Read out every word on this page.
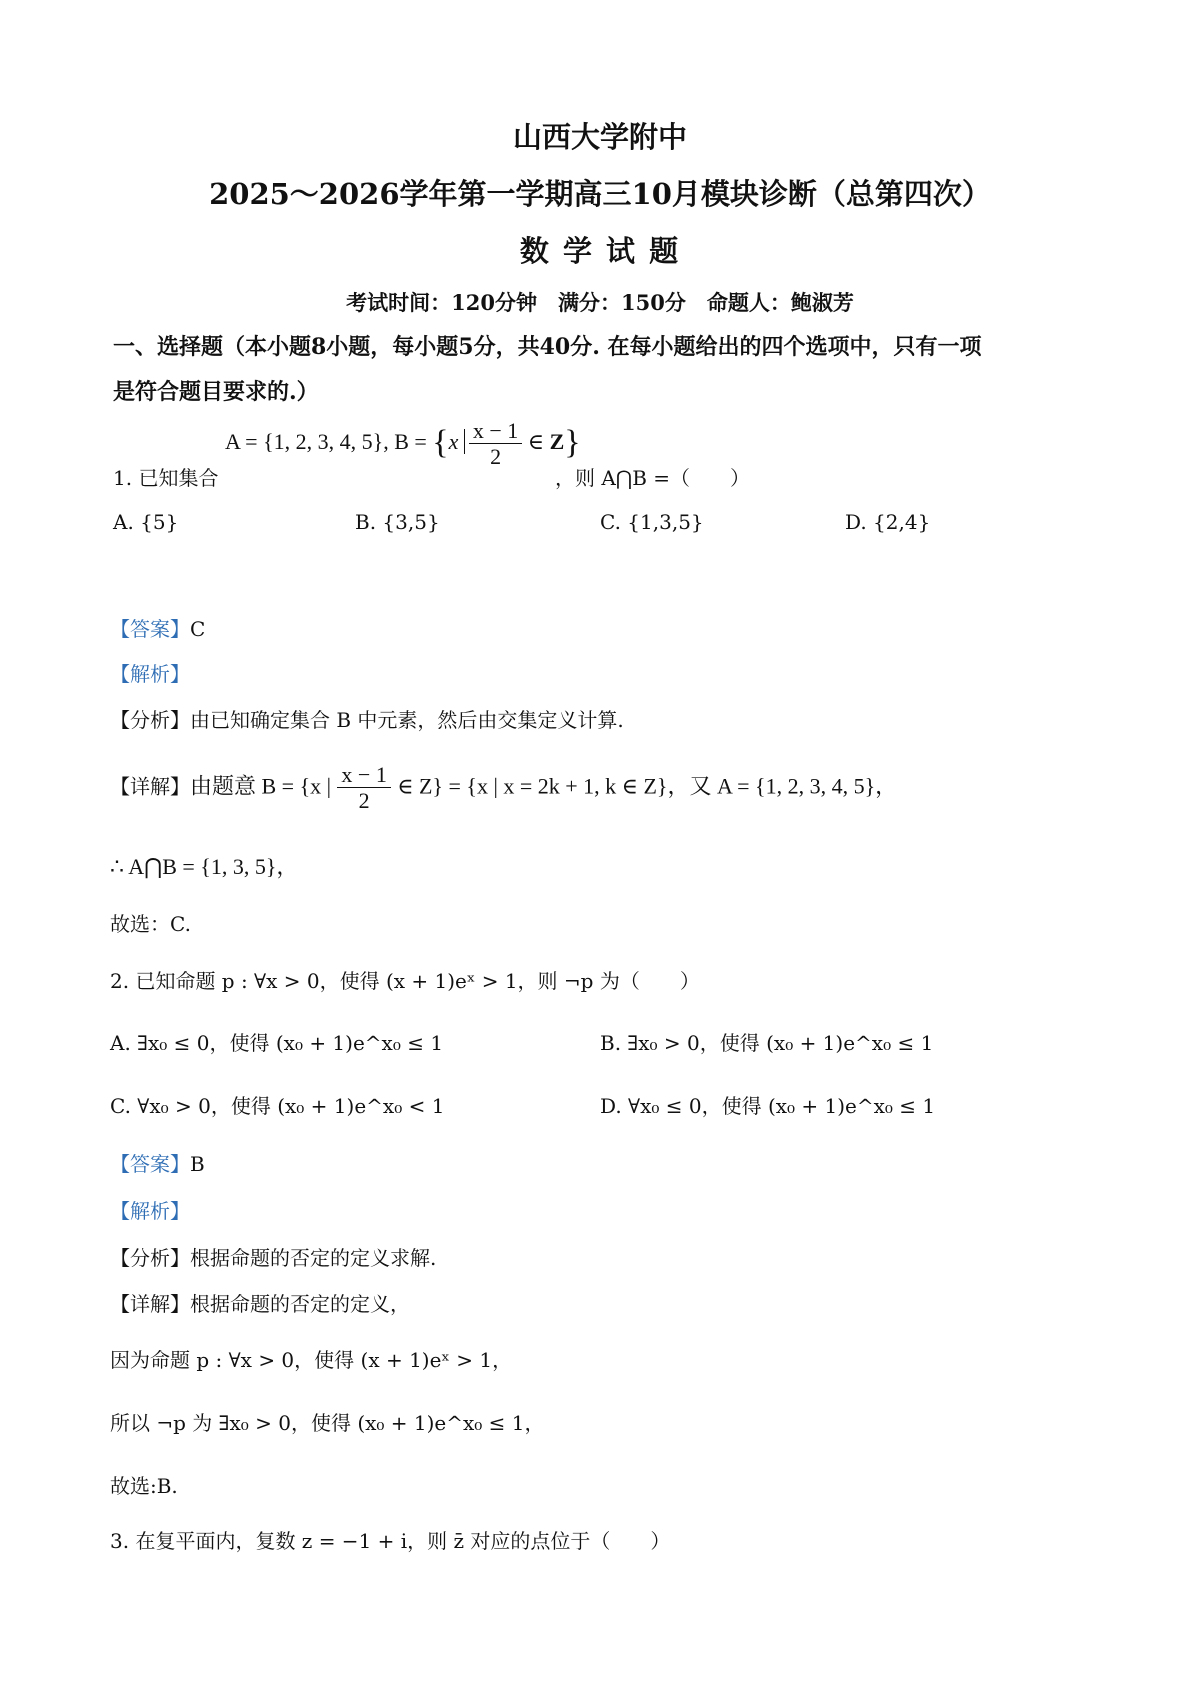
山西大学附中
2025～2026学年第一学期高三10月模块诊断（总第四次）
数 学 试 题
考试时间：120分钟　满分：150分　命题人：鲍淑芳
一、选择题（本小题8小题，每小题5分，共40分. 在每小题给出的四个选项中，只有一项
是符合题目要求的.）
1. 已知集合
A = {1, 2, 3, 4, 5}, $B = \{x \frac{x - 1}{2}$ ∈ Z}
，则 A⋂B =（　　）
A. {5}	B. {3,5}	C. {1,3,5}	D. {2,4}
【答案】C
【解析】
【分析】由已知确定集合 B 中元素，然后由交集定义计算.
【详解】由题意 B = {x | $\frac{x - 1}{2}$ ∈ Z} = {x | x = 2k + 1, k ∈ Z}，又 A = {1, 2, 3, 4, 5}，
∴ A⋂B = {1, 3, 5}，
故选：C.
2. 已知命题 p : ∀x > 0，使得 (x + 1)eˣ > 1，则 ¬p 为（　　）
A. ∃x₀ ≤ 0，使得 (x₀ + 1)e^x₀ ≤ 1	B. ∃x₀ > 0，使得 (x₀ + 1)e^x₀ ≤ 1
C. ∀x₀ > 0，使得 (x₀ + 1)e^x₀ < 1	D. ∀x₀ ≤ 0，使得 (x₀ + 1)e^x₀ ≤ 1
【答案】B
【解析】
【分析】根据命题的否定的定义求解.
【详解】根据命题的否定的定义，
因为命题 p : ∀x > 0，使得 (x + 1)eˣ > 1，
所以 ¬p 为 ∃x₀ > 0，使得 (x₀ + 1)e^x₀ ≤ 1，
故选:B.
3. 在复平面内，复数 z = −1 + i，则 z̄ 对应的点位于（　　）
